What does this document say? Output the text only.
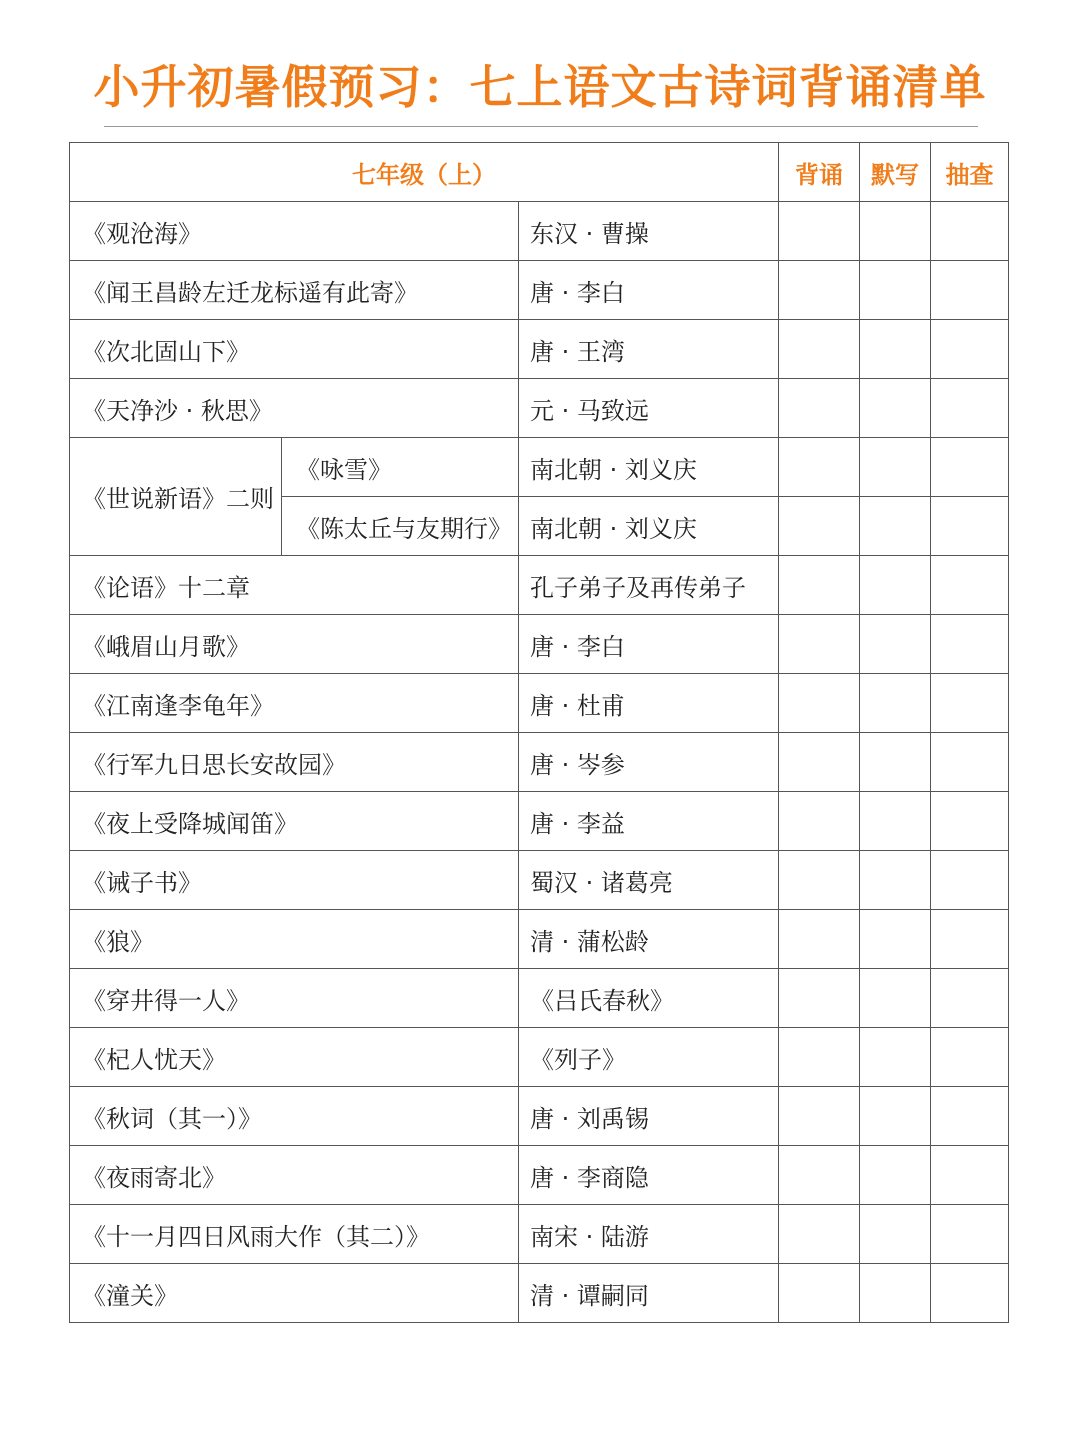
小升初暑假预习：七上语文古诗词背诵清单
七年级（上）			背诵	默写	抽查
《观沧海》		东汉 · 曹操			
《闻王昌龄左迁龙标遥有此寄》		唐 · 李白			
《次北固山下》		唐 · 王湾			
《天净沙 · 秋思》		元 · 马致远			
《世说新语》二则	《咏雪》	南北朝 · 刘义庆			
	《陈太丘与友期行》	南北朝 · 刘义庆			
《论语》十二章		孔子弟子及再传弟子			
《峨眉山月歌》		唐 · 李白			
《江南逢李龟年》		唐 · 杜甫			
《行军九日思长安故园》		唐 · 岑参			
《夜上受降城闻笛》		唐 · 李益			
《诫子书》		蜀汉 · 诸葛亮			
《狼》		清 · 蒲松龄			
《穿井得一人》		《吕氏春秋》			
《杞人忧天》		《列子》			
《秋词（其一）》		唐 · 刘禹锡			
《夜雨寄北》		唐 · 李商隐			
《十一月四日风雨大作（其二）》		南宋 · 陆游			
《潼关》		清 · 谭嗣同			
